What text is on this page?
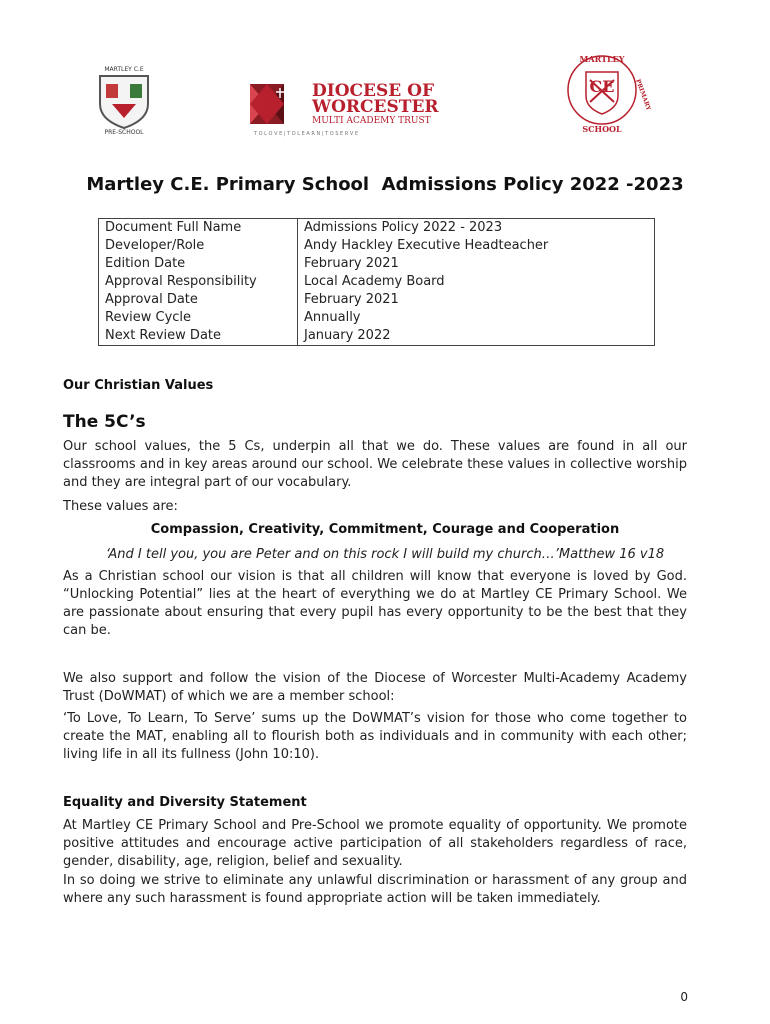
MARTLEY C.E
PRE-SCHOOL
DIOCESE OF
WORCESTER
MULTI ACADEMY TRUST
T O L O V E | T O L E A R N | T O S E R V E
MARTLEY
PRIMARY
CE
SCHOOL
Martley C.E. Primary School  Admissions Policy 2022 -2023
Document Full Name	Admissions Policy 2022 - 2023
Developer/Role	Andy Hackley Executive Headteacher
Edition Date	February 2021
Approval Responsibility	Local Academy Board
Approval Date	February 2021
Review Cycle	Annually
Next Review Date	January 2022
Our Christian Values
The 5C’s
Our school values, the 5 Cs, underpin all that we do. These values are found in all our classrooms and in key areas around our school. We celebrate these values in collective worship and they are integral part of our vocabulary.
These values are:
Compassion, Creativity, Commitment, Courage and Cooperation
‘And I tell you, you are Peter and on this rock I will build my church…’Matthew 16 v18
As a Christian school our vision is that all children will know that everyone is loved by God. “Unlocking Potential” lies at the heart of everything we do at Martley CE Primary School. We are passionate about ensuring that every pupil has every opportunity to be the best that they can be.
We also support and follow the vision of the Diocese of Worcester Multi-Academy Academy Trust (DoWMAT) of which we are a member school:
‘To Love, To Learn, To Serve’ sums up the DoWMAT’s vision for those who come together to create the MAT, enabling all to flourish both as individuals and in community with each other; living life in all its fullness (John 10:10).
Equality and Diversity Statement
At Martley CE Primary School and Pre-School we promote equality of opportunity. We promote positive attitudes and encourage active participation of all stakeholders regardless of race, gender, disability, age, religion, belief and sexuality.
In so doing we strive to eliminate any unlawful discrimination or harassment of any group and where any such harassment is found appropriate action will be taken immediately.
0
